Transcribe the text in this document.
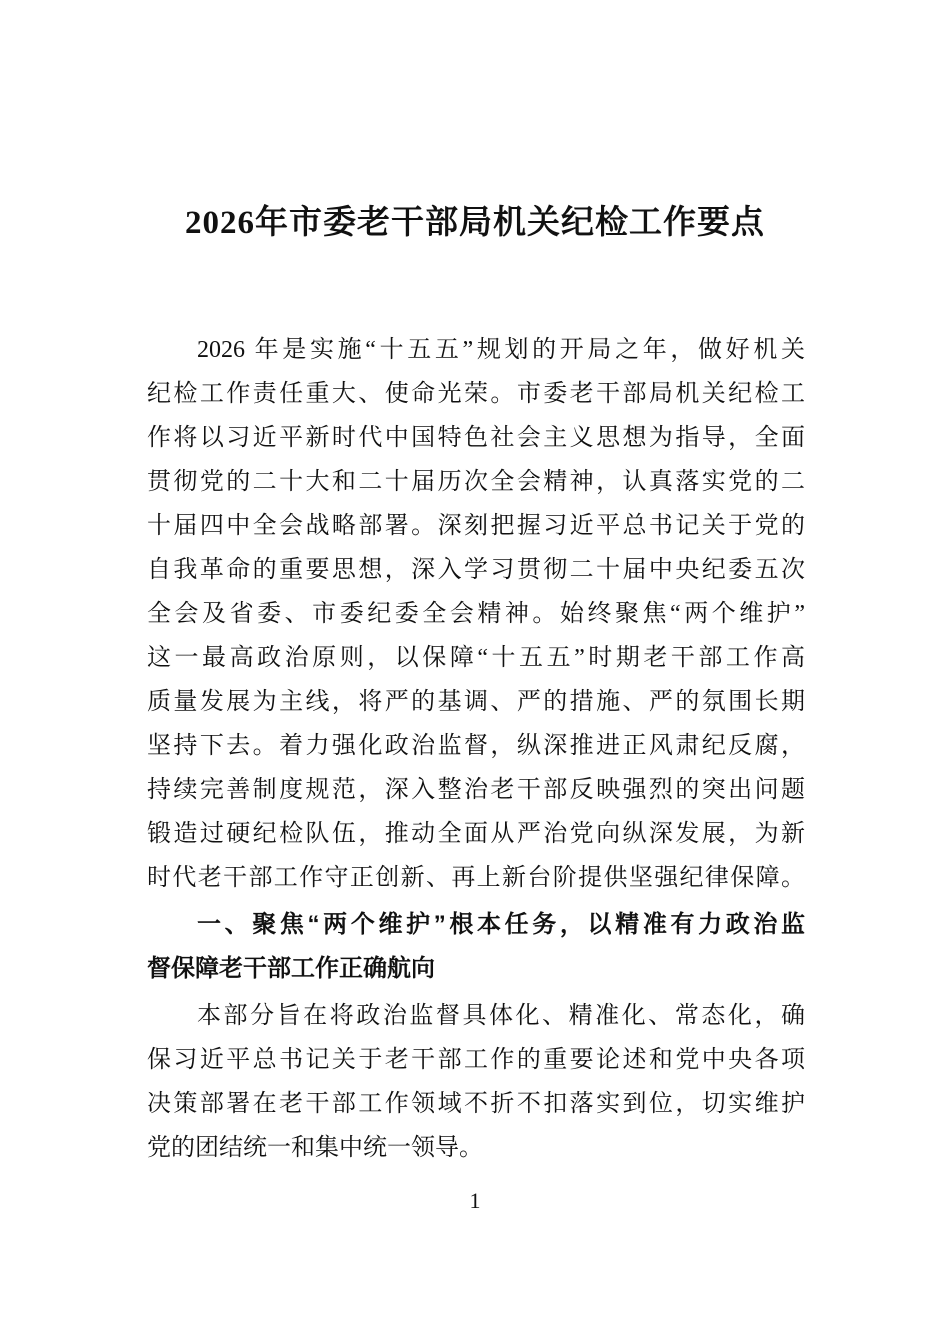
2026年市委老干部局机关纪检工作要点
2026 年是实施“十五五”规划的开局之年，做好机关
纪检工作责任重大、使命光荣。市委老干部局机关纪检工
作将以习近平新时代中国特色社会主义思想为指导，全面
贯彻党的二十大和二十届历次全会精神，认真落实党的二
十届四中全会战略部署。深刻把握习近平总书记关于党的
自我革命的重要思想，深入学习贯彻二十届中央纪委五次
全会及省委、市委纪委全会精神。始终聚焦“两个维护”
这一最高政治原则，以保障“十五五”时期老干部工作高
质量发展为主线，将严的基调、严的措施、严的氛围长期
坚持下去。着力强化政治监督，纵深推进正风肃纪反腐，
持续完善制度规范，深入整治老干部反映强烈的突出问题
锻造过硬纪检队伍，推动全面从严治党向纵深发展，为新
时代老干部工作守正创新、再上新台阶提供坚强纪律保障。
一、聚焦“两个维护”根本任务，以精准有力政治监
督保障老干部工作正确航向
本部分旨在将政治监督具体化、精准化、常态化，确
保习近平总书记关于老干部工作的重要论述和党中央各项
决策部署在老干部工作领域不折不扣落实到位，切实维护
党的团结统一和集中统一领导。
1
